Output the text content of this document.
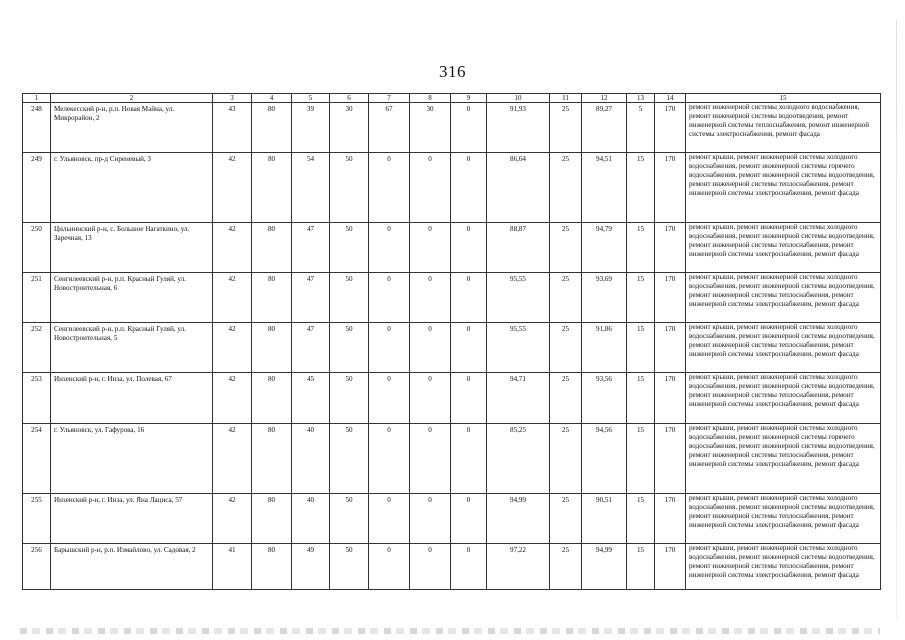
316
1	2	3	4	5	6	7	8	9	10	11	12	13	14	15
248	Мелекесский р-н, р.п. Новая Майна, ул. Микрорайон, 2	43	80	39	30	67	30	0	91,93	25	89,27	5	170	ремонт инженерной системы холодного водоснабжения, ремонт инженерной системы водоотведения, ремонт инженерной системы теплоснабжения, ремонт инженерной системы электроснабжения, ремонт фасада
249	г. Ульяновск, пр-д Сиреневый, 3	42	80	54	50	0	0	0	86,64	25	94,51	15	170	ремонт крыши, ремонт инженерной системы холодного водоснабжения, ремонт инженерной системы горячего водоснабжения, ремонт инженерной системы водоотведения, ремонт инженерной системы теплоснабжения, ремонт инженерной системы электроснабжения, ремонт фасада
250	Цильнинский р-н, с. Большое Нагаткино, ул. Заречная, 13	42	80	47	50	0	0	0	88,87	25	94,79	15	170	ремонт крыши, ремонт инженерной системы холодного водоснабжения, ремонт инженерной системы водоотведения, ремонт инженерной системы теплоснабжения, ремонт инженерной системы электроснабжения, ремонт фасада
251	Сенгилеевский р-н, р.п. Красный Гуляй, ул. Новостроительная, 6	42	80	47	50	0	0	0	95,55	25	93,69	15	170	ремонт крыши, ремонт инженерной системы холодного водоснабжения, ремонт инженерной системы водоотведения, ремонт инженерной системы теплоснабжения, ремонт инженерной системы электроснабжения, ремонт фасада
252	Сенгилеевский р-н, р.п. Красный Гуляй, ул. Новостроительная, 5	42	80	47	50	0	0	0	95,55	25	91,86	15	170	ремонт крыши, ремонт инженерной системы холодного водоснабжения, ремонт инженерной системы водоотведения, ремонт инженерной системы теплоснабжения, ремонт инженерной системы электроснабжения, ремонт фасада
253	Инзенский р-н, г. Инза, ул. Полевая, 67	42	80	45	50	0	0	0	94,71	25	93,56	15	170	ремонт крыши, ремонт инженерной системы холодного водоснабжения, ремонт инженерной системы водоотведения, ремонт инженерной системы теплоснабжения, ремонт инженерной системы электроснабжения, ремонт фасада
254	г. Ульяновск, ул. Гафурова, 16	42	80	40	50	0	0	0	85,25	25	94,56	15	170	ремонт крыши, ремонт инженерной системы холодного водоснабжения, ремонт инженерной системы горячего водоснабжения, ремонт инженерной системы водоотведения, ремонт инженерной системы теплоснабжения, ремонт инженерной системы электроснабжения, ремонт фасада
255	Инзенский р-н, г. Инза, ул. Яна Лациса, 57	42	80	40	50	0	0	0	94,99	25	90,51	15	170	ремонт крыши, ремонт инженерной системы холодного водоснабжения, ремонт инженерной системы водоотведения, ремонт инженерной системы теплоснабжения, ремонт инженерной системы электроснабжения, ремонт фасада
256	Барышский р-н, р.п. Измайлово, ул. Садовая, 2	41	80	49	50	0	0	0	97,22	25	94,99	15	170	ремонт крыши, ремонт инженерной системы холодного водоснабжения, ремонт инженерной системы водоотведения, ремонт инженерной системы теплоснабжения, ремонт инженерной системы электроснабжения, ремонт фасада
